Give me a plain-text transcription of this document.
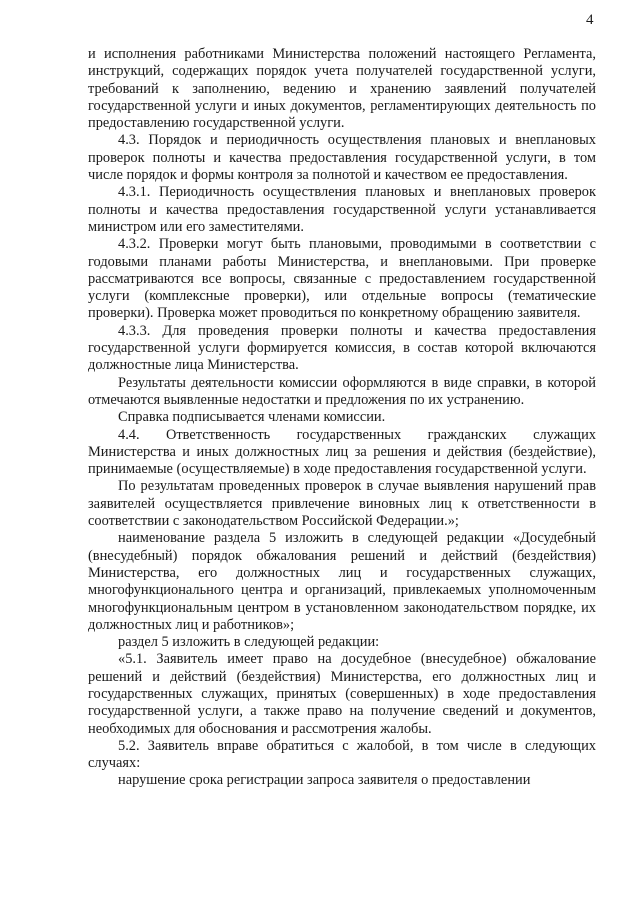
4

и исполнения работниками Министерства положений настоящего Регламента, инструкций, содержащих порядок учета получателей государственной услуги, требований к заполнению, ведению и хранению заявлений получателей государственной услуги и иных документов, регламентирующих деятельность по предоставлению государственной услуги.

4.3. Порядок и периодичность осуществления плановых и внеплановых проверок полноты и качества предоставления государственной услуги, в том числе порядок и формы контроля за полнотой и качеством ее предоставления.

4.3.1. Периодичность осуществления плановых и внеплановых проверок полноты и качества предоставления государственной услуги устанавливается министром или его заместителями.

4.3.2. Проверки могут быть плановыми, проводимыми в соответствии с годовыми планами работы Министерства, и внеплановыми. При проверке рассматриваются все вопросы, связанные с предоставлением государственной услуги (комплексные проверки), или отдельные вопросы (тематические проверки). Проверка может проводиться по конкретному обращению заявителя.

4.3.3. Для проведения проверки полноты и качества предоставления государственной услуги формируется комиссия, в состав которой включаются должностные лица Министерства.

Результаты деятельности комиссии оформляются в виде справки, в которой отмечаются выявленные недостатки и предложения по их устранению.

Справка подписывается членами комиссии.

4.4. Ответственность государственных гражданских служащих Министерства и иных должностных лиц за решения и действия (бездействие), принимаемые (осуществляемые) в ходе предоставления государственной услуги.

По результатам проведенных проверок в случае выявления нарушений прав заявителей осуществляется привлечение виновных лиц к ответственности в соответствии с законодательством Российской Федерации.»;

наименование раздела 5 изложить в следующей редакции «Досудебный (внесудебный) порядок обжалования решений и действий (бездействия) Министерства, его должностных лиц и государственных служащих, многофункционального центра и организаций, привлекаемых уполномоченным многофункциональным центром в установленном законодательством порядке, их должностных лиц и работников»;

раздел 5 изложить в следующей редакции:

«5.1. Заявитель имеет право на досудебное (внесудебное) обжалование решений и действий (бездействия) Министерства, его должностных лиц и государственных служащих, принятых (совершенных) в ходе предоставления государственной услуги, а также право на получение сведений и документов, необходимых для обоснования и рассмотрения жалобы.

5.2. Заявитель вправе обратиться с жалобой, в том числе в следующих случаях:

нарушение срока регистрации запроса заявителя о предоставлении
